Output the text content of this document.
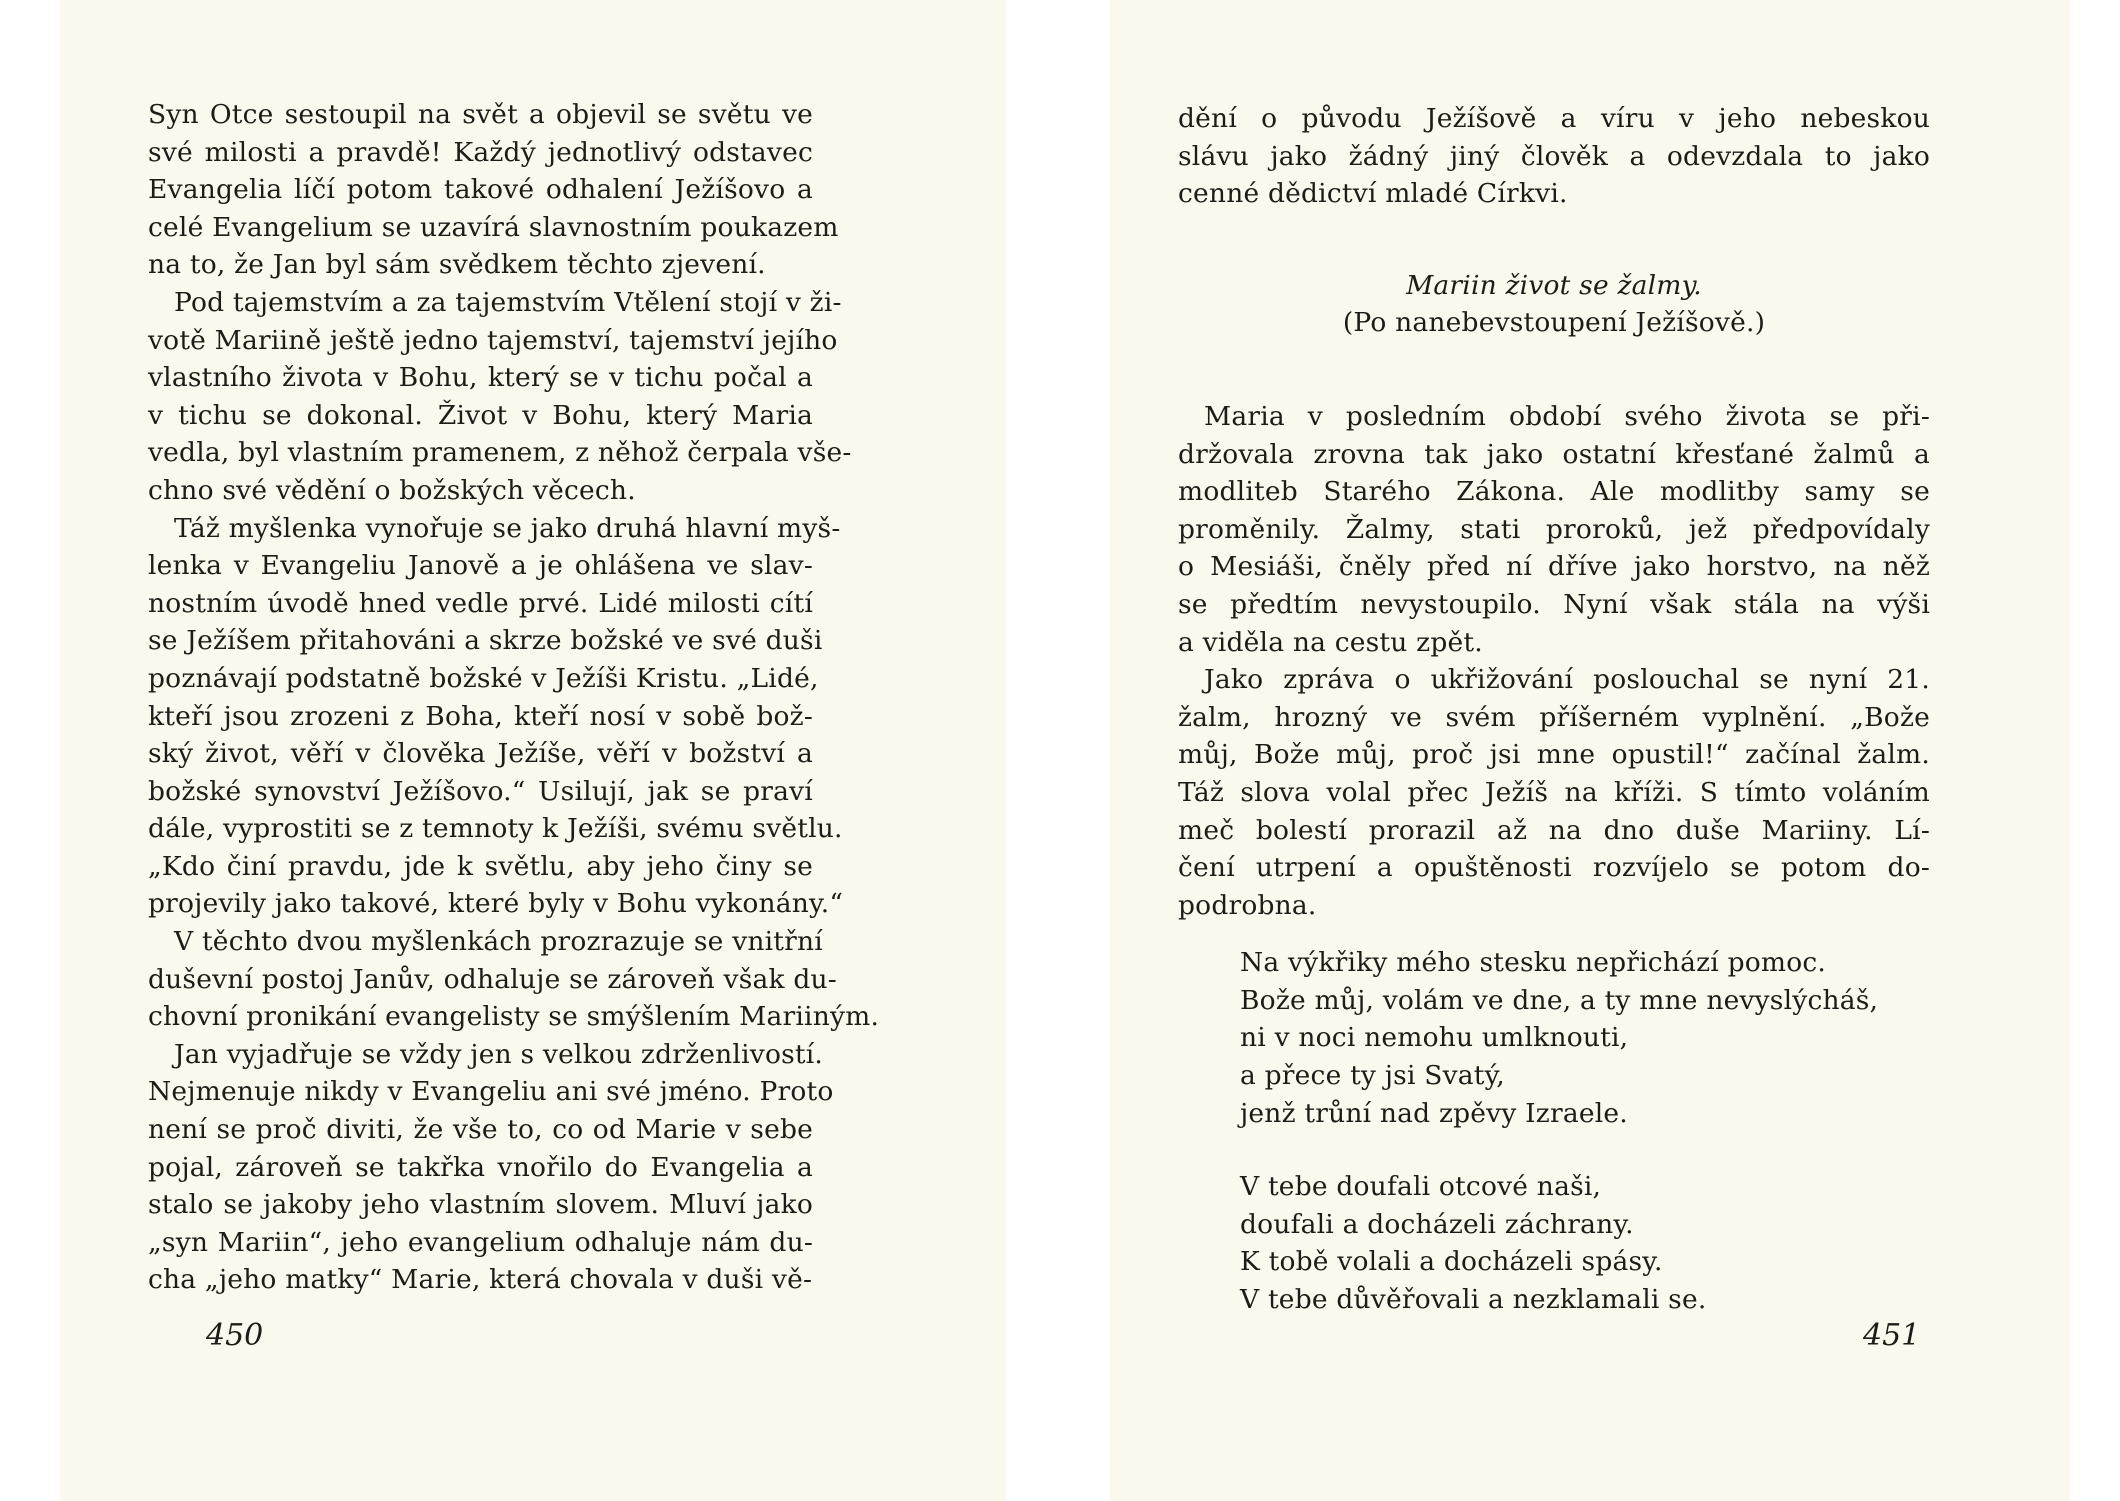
Syn Otce sestoupil na svět a objevil se světu ve
své milosti a pravdě! Každý jednotlivý odstavec
Evangelia líčí potom takové odhalení Ježíšovo a
celé Evangelium se uzavírá slavnostním poukazem
na to, že Jan byl sám svědkem těchto zjevení.
Pod tajemstvím a za tajemstvím Vtělení stojí v ži-
votě Mariině ještě jedno tajemství, tajemství jejího
vlastního života v Bohu, který se v tichu počal a
v tichu se dokonal. Život v Bohu, který Maria
vedla, byl vlastním pramenem, z něhož čerpala vše-
chno své vědění o božských věcech.
Táž myšlenka vynořuje se jako druhá hlavní myš-
lenka v Evangeliu Janově a je ohlášena ve slav-
nostním úvodě hned vedle prvé. Lidé milosti cítí
se Ježíšem přitahováni a skrze božské ve své duši
poznávají podstatně božské v Ježíši Kristu. „Lidé,
kteří jsou zrozeni z Boha, kteří nosí v sobě bož-
ský život, věří v člověka Ježíše, věří v božství a
božské synovství Ježíšovo.“ Usilují, jak se praví
dále, vyprostiti se z temnoty k Ježíši, svému světlu.
„Kdo činí pravdu, jde k světlu, aby jeho činy se
projevily jako takové, které byly v Bohu vykonány.“
V těchto dvou myšlenkách prozrazuje se vnitřní
duševní postoj Janův, odhaluje se zároveň však du-
chovní pronikání evangelisty se smýšlením Mariiným.
Jan vyjadřuje se vždy jen s velkou zdrženlivostí.
Nejmenuje nikdy v Evangeliu ani své jméno. Proto
není se proč diviti, že vše to, co od Marie v sebe
pojal, zároveň se takřka vnořilo do Evangelia a
stalo se jakoby jeho vlastním slovem. Mluví jako
„syn Mariin“, jeho evangelium odhaluje nám du-
cha „jeho matky“ Marie, která chovala v duši vě-
dění o původu Ježíšově a víru v jeho nebeskou
slávu jako žádný jiný člověk a odevzdala to jako
cenné dědictví mladé Církvi.
Mariin život se žalmy.
(Po nanebevstoupení Ježíšově.)
Maria v posledním období svého života se při-
držovala zrovna tak jako ostatní křesťané žalmů a
modliteb Starého Zákona. Ale modlitby samy se
proměnily. Žalmy, stati proroků, jež předpovídaly
o Mesiáši, čněly před ní dříve jako horstvo, na něž
se předtím nevystoupilo. Nyní však stála na výši
a viděla na cestu zpět.
Jako zpráva o ukřižování poslouchal se nyní 21.
žalm, hrozný ve svém příšerném vyplnění. „Bože
můj, Bože můj, proč jsi mne opustil!“ začínal žalm.
Táž slova volal přec Ježíš na kříži. S tímto voláním
meč bolestí prorazil až na dno duše Mariiny. Lí-
čení utrpení a opuštěnosti rozvíjelo se potom do-
podrobna.
Na výkřiky mého stesku nepřichází pomoc.
Bože můj, volám ve dne, a ty mne nevyslýcháš,
ni v noci nemohu umlknouti,
a přece ty jsi Svatý,
jenž trůní nad zpěvy Izraele.
V tebe doufali otcové naši,
doufali a docházeli záchrany.
K tobě volali a docházeli spásy.
V tebe důvěřovali a nezklamali se.
450	451
